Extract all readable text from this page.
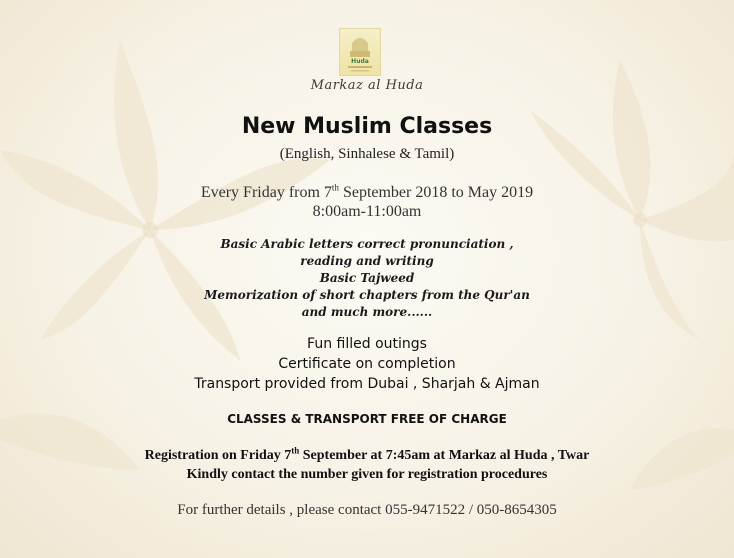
Huda
Markaz al Huda
New Muslim Classes
(English, Sinhalese & Tamil)
Every Friday from 7th September 2018 to May 2019
8:00am-11:00am
Basic Arabic letters correct pronunciation ,
reading and writing
Basic Tajweed
Memorization of short chapters from the Qur'an
and much more......
Fun filled outings
Certificate on completion
Transport provided from Dubai , Sharjah & Ajman
CLASSES & TRANSPORT FREE OF CHARGE
Registration on Friday 7th September at 7:45am at Markaz al Huda , Twar
Kindly contact the number given for registration procedures
For further details , please contact 055-9471522 / 050-8654305
